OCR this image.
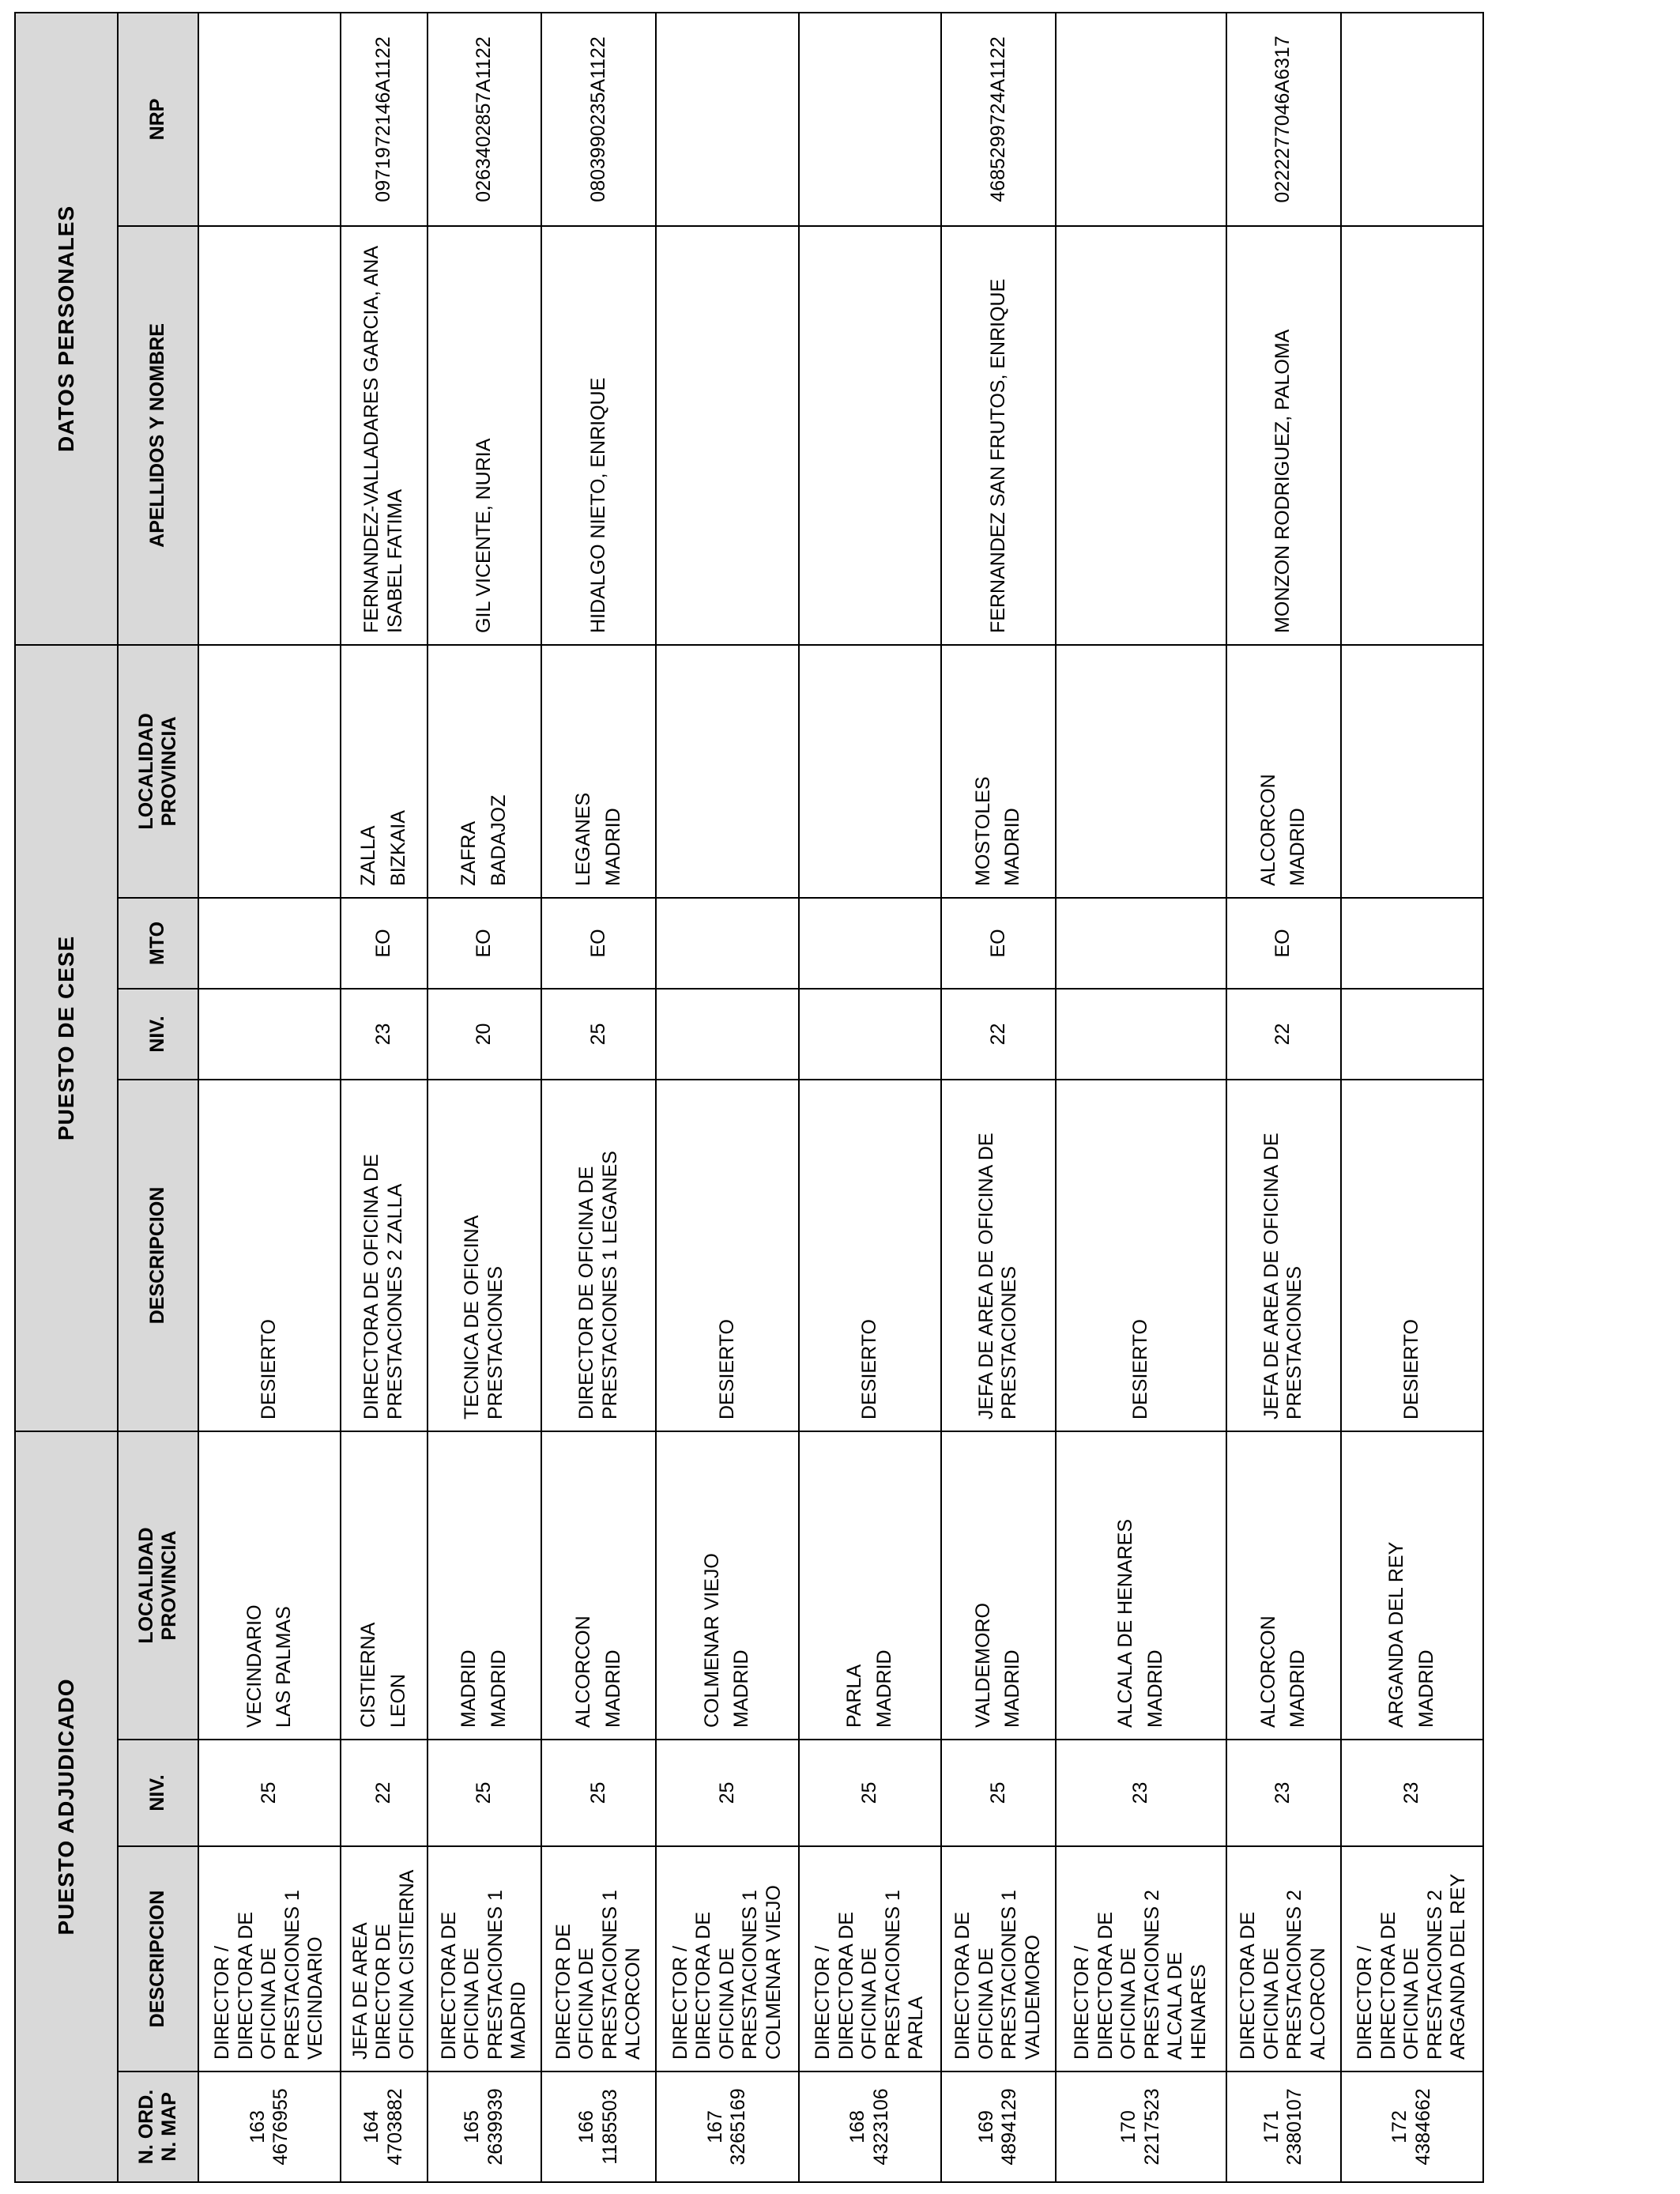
PUESTO ADJUDICADO				PUESTO DE CESE				DATOS PERSONALES	

N. ORD. N. MAP	DESCRIPCION	NIV.	LOCALIDAD PROVINCIA	DESCRIPCION	NIV.	MTO	LOCALIDAD PROVINCIA	APELLIDOS Y NOMBRE	NRP

163 4676955	DIRECTOR / DIRECTORA DE OFICINA DE PRESTACIONES 1 VECINDARIO	25	VECINDARIO LAS PALMAS	DESIERTO			

164 4703882	JEFA DE AREA DIRECTOR DE OFICINA CISTIERNA	22	CISTIERNA LEON	DIRECTORA DE OFICINA DE PRESTACIONES 2 ZALLA	23	EO	ZALLA BIZKAIA	FERNANDEZ-VALLADARES GARCIA, ANA ISABEL FATIMA	0971972146A1122

165 2639939	DIRECTORA DE OFICINA DE PRESTACIONES 1 MADRID	25	MADRID MADRID	TECNICA DE OFICINA PRESTACIONES	20	EO	ZAFRA BADAJOZ	GIL VICENTE, NURIA	0263402857A1122

166 1185503	DIRECTOR DE OFICINA DE PRESTACIONES 1 ALCORCON	25	ALCORCON MADRID	DIRECTOR DE OFICINA DE PRESTACIONES 1 LEGANES	25	EO	LEGANES MADRID	HIDALGO NIETO, ENRIQUE	0803990235A1122

167 3265169	DIRECTOR / DIRECTORA DE OFICINA DE PRESTACIONES 1 COLMENAR VIEJO	25	COLMENAR VIEJO MADRID	DESIERTO			

168 4323106	DIRECTOR / DIRECTORA DE OFICINA DE PRESTACIONES 1 PARLA	25	PARLA MADRID	DESIERTO			

169 4894129	DIRECTORA DE OFICINA DE PRESTACIONES 1 VALDEMORO	25	VALDEMORO MADRID	JEFA DE AREA DE OFICINA DE PRESTACIONES	22	EO	MOSTOLES MADRID	FERNANDEZ SAN FRUTOS, ENRIQUE	4685299724A1122

170 2217523	DIRECTOR / DIRECTORA DE OFICINA DE PRESTACIONES 2 ALCALA DE HENARES	23	ALCALA DE HENARES MADRID	DESIERTO			

171 2380107	DIRECTORA DE OFICINA DE PRESTACIONES 2 ALCORCON	23	ALCORCON MADRID	JEFA DE AREA DE OFICINA DE PRESTACIONES	22	EO	ALCORCON MADRID	MONZON RODRIGUEZ, PALOMA	0222277046A6317

172 4384662	DIRECTOR / DIRECTORA DE OFICINA DE PRESTACIONES 2 ARGANDA DEL REY	23	ARGANDA DEL REY MADRID	DESIERTO			
